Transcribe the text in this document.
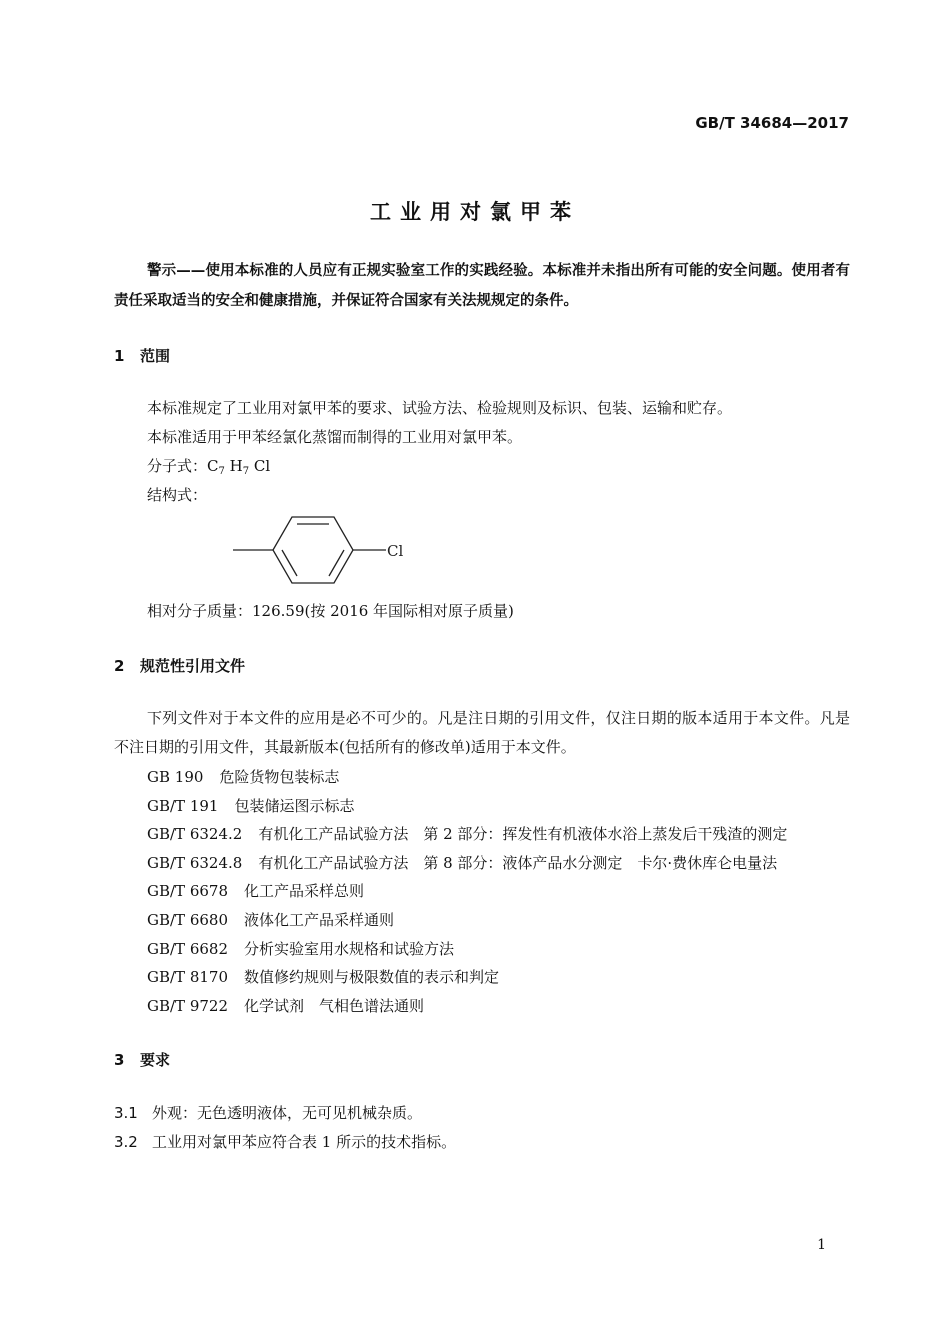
GB/T 34684—2017
工业用对氯甲苯
警示——使用本标准的人员应有正规实验室工作的实践经验。本标准并未指出所有可能的安全问题。使用者有责任采取适当的安全和健康措施，并保证符合国家有关法规规定的条件。
1 范围
本标准规定了工业用对氯甲苯的要求、试验方法、检验规则及标识、包装、运输和贮存。
本标准适用于甲苯经氯化蒸馏而制得的工业用对氯甲苯。
分子式：$C_7$ $H_7$ Cl
结构式：
Cl
相对分子质量：126.59(按 2016 年国际相对原子质量)
2 规范性引用文件
下列文件对于本文件的应用是必不可少的。凡是注日期的引用文件，仅注日期的版本适用于本文件。凡是不注日期的引用文件，其最新版本(包括所有的修改单)适用于本文件。
GB 190 危险货物包装标志
GB/T 191 包装储运图示标志
GB/T 6324.2 有机化工产品试验方法　第 2 部分：挥发性有机液体水浴上蒸发后干残渣的测定
GB/T 6324.8 有机化工产品试验方法　第 8 部分：液体产品水分测定　卡尔·费休库仑电量法
GB/T 6678 化工产品采样总则
GB/T 6680 液体化工产品采样通则
GB/T 6682 分析实验室用水规格和试验方法
GB/T 8170 数值修约规则与极限数值的表示和判定
GB/T 9722 化学试剂　气相色谱法通则
3 要求
3.1 外观：无色透明液体，无可见机械杂质。
3.2 工业用对氯甲苯应符合表 1 所示的技术指标。
1
